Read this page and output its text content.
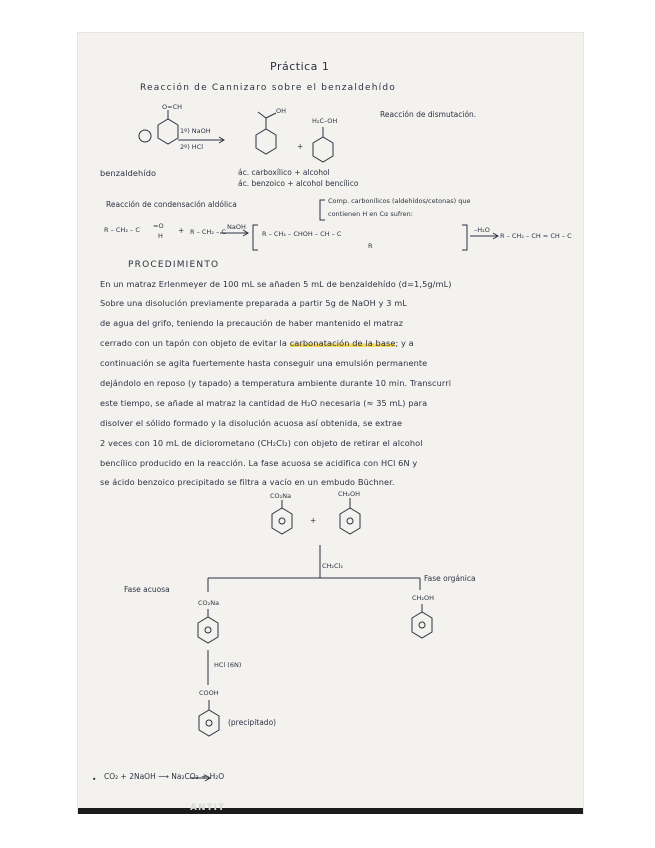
Práctica 1
Reacción de Cannizaro sobre el benzaldehído
O=CH
1º) NaOH
2º) HCl
OH
+
H₂C–OH
Reacción de dismutación.
benzaldehído	ác. carboxílico + alcohol
ác. benzoico + alcohol bencílico
Reacción de condensación aldólica	Comp. carbonílicos (aldehídos/cetonas) que
contienen H en Cα sufren:
R – CH₂ – C =O
H
+ R – CH₂ – C
NaOH
R – CH₂ – CHOH – CH – C
R
–H₂O
R – CH₂ – CH = CH – C
PROCEDIMIENTO
En un matraz Erlenmeyer de 100 mL se añaden 5 mL de benzaldehído (d=1,5g/mL)
Sobre una disolución previamente preparada a partir 5g de NaOH y 3 mL
de agua del grifo, teniendo la precaución de haber mantenido el matraz
cerrado con un tapón con objeto de evitar la carbonatación de la base; y a
continuación se agita fuertemente hasta conseguir una emulsión permanente
dejándolo en reposo (y tapado) a temperatura ambiente durante 10 min. Transcurri
este tiempo, se añade al matraz la cantidad de H₂O necesaria (≈ 35 mL) para
disolver el sólido formado y la disolución acuosa así obtenida, se extrae
2 veces con 10 mL de diclorometano (CH₂Cl₂) con objeto de retirar el alcohol
bencílico producido en la reacción. La fase acuosa se acidifica con HCl 6N y
se ácido benzoico precipitado se filtra a vacío en un embudo Büchner.
CO₂Na	CH₂OH
+
CH₂Cl₂
Fase acuosa
Fase orgánica
CO₂Na
CH₂OH
HCl (6N)
COOH
(precipitado)
• CO₂ + 2NaOH ⟶ Na₂CO₃ + H₂O
ANTIT
